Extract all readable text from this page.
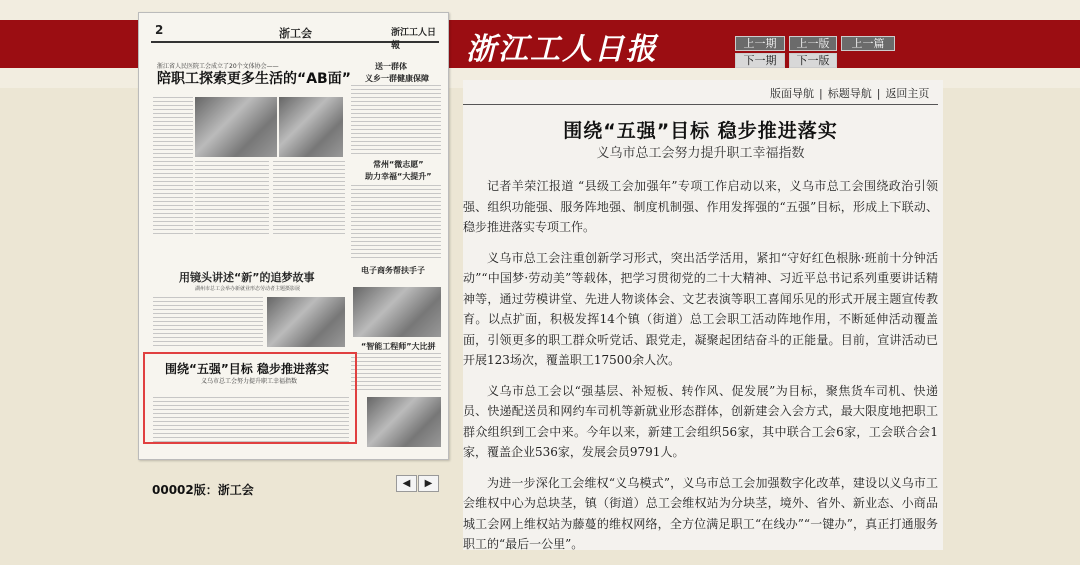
浙江工人日报	上一期	上一版	上一篇
下一期	下一版
版面导航 | 标题导航 | 返回主页
围绕“五强”目标 稳步推进落实
义乌市总工会努力提升职工幸福指数

记者羊荣江报道 “县级工会加强年”专项工作启动以来，义乌市总工会围绕政治引领强、组织功能强、服务阵地强、制度机制强、作用发挥强的“五强”目标，形成上下联动、稳步推进落实专项工作。

义乌市总工会注重创新学习形式，突出活学活用，紧扣“守好红色根脉·班前十分钟活动”“中国梦·劳动美”等载体，把学习贯彻党的二十大精神、习近平总书记系列重要讲话精神等，通过劳模讲堂、先进人物谈体会、文艺表演等职工喜闻乐见的形式开展主题宣传教育。以点扩面，积极发挥14个镇（街道）总工会职工活动阵地作用，不断延伸活动覆盖面，引领更多的职工群众听党话、跟党走，凝聚起团结奋斗的正能量。目前，宣讲活动已开展123场次，覆盖职工17500余人次。

义乌市总工会以“强基层、补短板、转作风、促发展”为目标，聚焦货车司机、快递员、快递配送员和网约车司机等新就业形态群体，创新建会入会方式，最大限度地把职工群众组织到工会中来。今年以来，新建工会组织56家，其中联合工会6家，工会联合会1家，覆盖企业536家，发展会员9791人。

为进一步深化工会维权“义乌模式”，义乌市总工会加强数字化改革，建设以义乌市工会维权中心为总块茎，镇（街道）总工会维权站为分块茎，境外、省外、新业态、小商品城工会网上维权站为藤蔓的维权网络，全方位满足职工“在线办”“一键办”，真正打通服务职工的“最后一公里”。

2	浙工会	浙江工人日報
浙江省人民医院工会成立了20个文体协会——
陪职工探索更多生活的“AB面”
送一群体
义乡一群健康保障
常州“微志愿”
助力幸福“大提升”
电子商务帮扶手子
“智能工程师”大比拼
用镜头讲述“新”的追梦故事
湖州市总工会举办新就业形态劳动者主题摄影展
围绕“五强”目标 稳步推进落实
义乌市总工会努力提升职工幸福指数
00002版：浙工会	◀	▶
